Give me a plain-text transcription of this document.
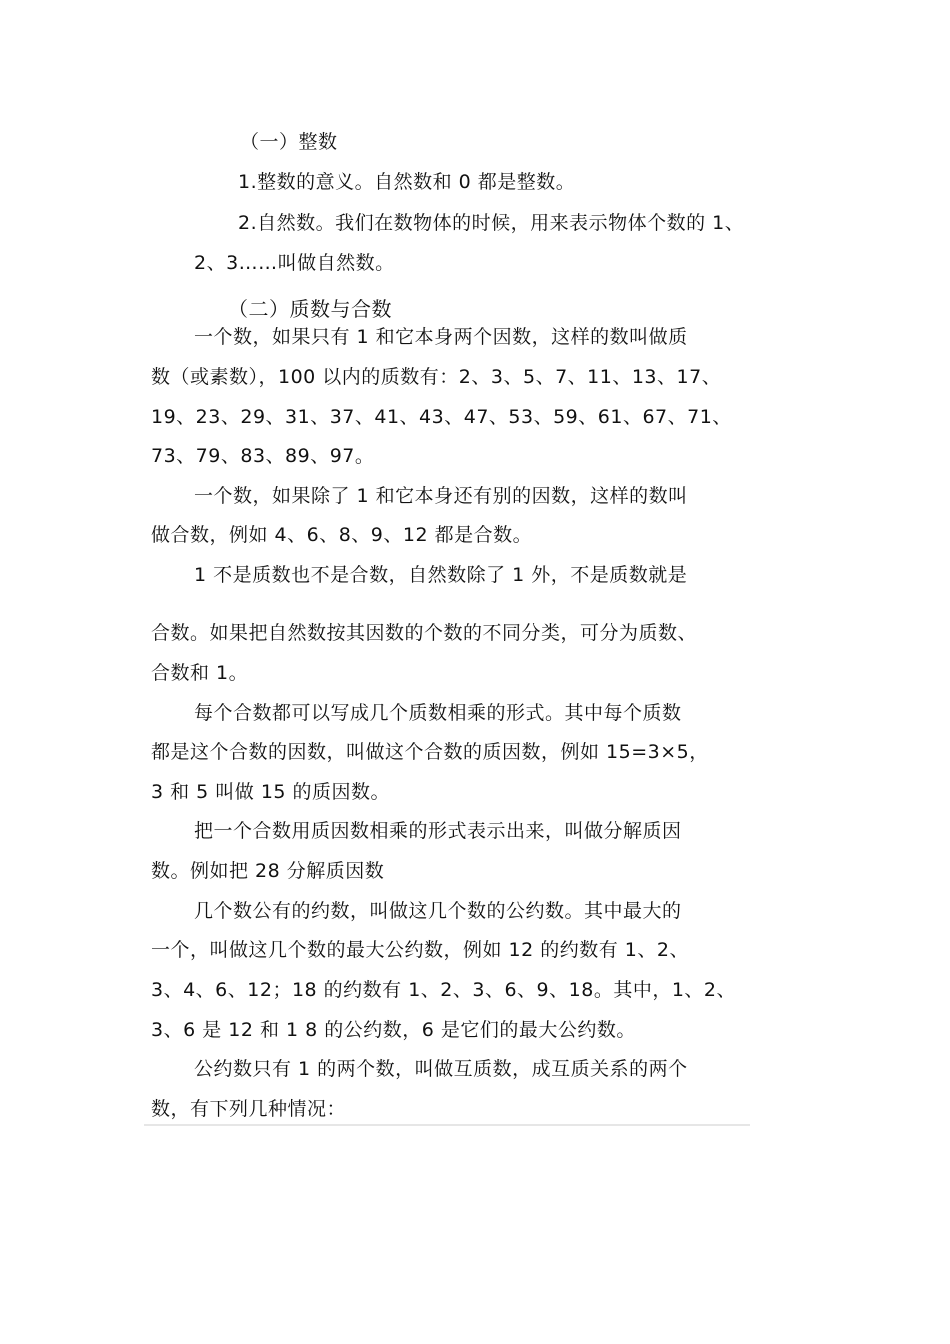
（一）整数
1.整数的意义。自然数和 0 都是整数。
2.自然数。我们在数物体的时候，用来表示物体个数的 1、
2、3……叫做自然数。
（二）质数与合数
一个数，如果只有 1 和它本身两个因数，这样的数叫做质
数（或素数），100 以内的质数有：2、3、5、7、11、13、17、
19、23、29、31、37、41、43、47、53、59、61、67、71、
73、79、83、89、97。
一个数，如果除了 1 和它本身还有别的因数，这样的数叫
做合数，例如 4、6、8、9、12 都是合数。
1 不是质数也不是合数，自然数除了 1 外，不是质数就是
合数。如果把自然数按其因数的个数的不同分类，可分为质数、
合数和 1。
每个合数都可以写成几个质数相乘的形式。其中每个质数
都是这个合数的因数，叫做这个合数的质因数，例如 15=3×5，
3 和 5 叫做 15 的质因数。
把一个合数用质因数相乘的形式表示出来，叫做分解质因
数。例如把 28 分解质因数
几个数公有的约数，叫做这几个数的公约数。其中最大的
一个，叫做这几个数的最大公约数，例如 12 的约数有 1、2、
3、4、6、12；18 的约数有 1、2、3、6、9、18。其中，1、2、
3、6 是 12 和 1 8 的公约数，6 是它们的最大公约数。
公约数只有 1 的两个数，叫做互质数，成互质关系的两个
数，有下列几种情况：
